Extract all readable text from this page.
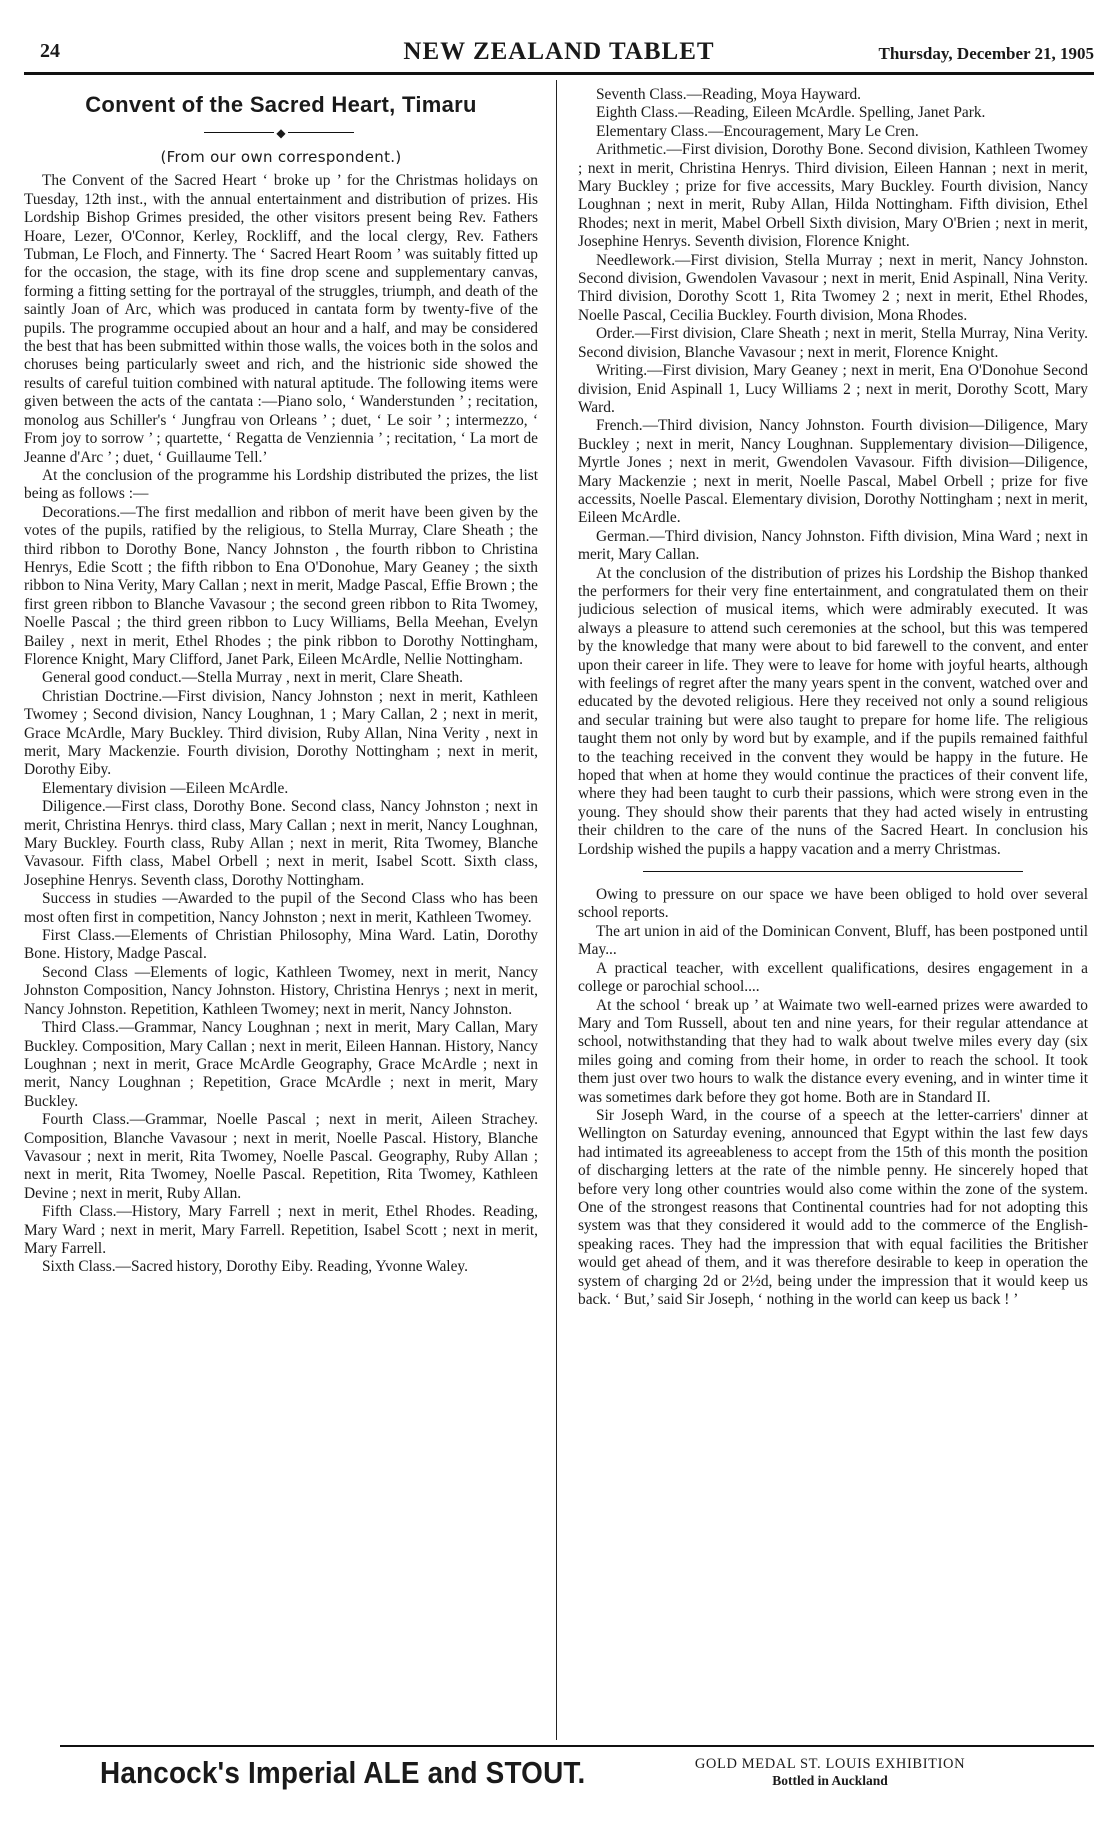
24	NEW ZEALAND TABLET	Thursday, December 21, 1905
Convent of the Sacred Heart, Timaru
◆
(From our own correspondent.)

The Convent of the Sacred Heart ‘ broke up ’ for the Christmas holidays on Tuesday, 12th inst., with the annual entertainment and distribution of prizes. His Lordship Bishop Grimes presided, the other visitors present being Rev. Fathers Hoare, Lezer, O'Connor, Kerley, Rockliff, and the local clergy, Rev. Fathers Tubman, Le Floch, and Finnerty. The ‘ Sacred Heart Room ’ was suitably fitted up for the occasion, the stage, with its fine drop scene and supplementary canvas, forming a fitting setting for the portrayal of the struggles, triumph, and death of the saintly Joan of Arc, which was produced in cantata form by twenty-five of the pupils. The programme occupied about an hour and a half, and may be considered the best that has been submitted within those walls, the voices both in the solos and choruses being particularly sweet and rich, and the histrionic side showed the results of careful tuition combined with natural aptitude. The following items were given between the acts of the cantata :—Piano solo, ‘ Wanderstunden ’ ; recitation, monolog aus Schiller's ‘ Jungfrau von Orleans ’ ; duet, ‘ Le soir ’ ; intermezzo, ‘ From joy to sorrow ’ ; quartette, ‘ Regatta de Venziennia ’ ; recitation, ‘ La mort de Jeanne d'Arc ’ ; duet, ‘ Guillaume Tell.’

At the conclusion of the programme his Lordship distributed the prizes, the list being as follows :—

Decorations.—The first medallion and ribbon of merit have been given by the votes of the pupils, ratified by the religious, to Stella Murray, Clare Sheath ; the third ribbon to Dorothy Bone, Nancy Johnston , the fourth ribbon to Christina Henrys, Edie Scott ; the fifth ribbon to Ena O'Donohue, Mary Geaney ; the sixth ribbon to Nina Verity, Mary Callan ; next in merit, Madge Pascal, Effie Brown ; the first green ribbon to Blanche Vavasour ; the second green ribbon to Rita Twomey, Noelle Pascal ; the third green ribbon to Lucy Williams, Bella Meehan, Evelyn Bailey , next in merit, Ethel Rhodes ; the pink ribbon to Dorothy Nottingham, Florence Knight, Mary Clifford, Janet Park, Eileen McArdle, Nellie Nottingham.

General good conduct.—Stella Murray , next in merit, Clare Sheath.

Christian Doctrine.—First division, Nancy Johnston ; next in merit, Kathleen Twomey ; Second division, Nancy Loughnan, 1 ; Mary Callan, 2 ; next in merit, Grace McArdle, Mary Buckley. Third division, Ruby Allan, Nina Verity , next in merit, Mary Mackenzie. Fourth division, Dorothy Nottingham ; next in merit, Dorothy Eiby.

Elementary division —Eileen McArdle.

Diligence.—First class, Dorothy Bone. Second class, Nancy Johnston ; next in merit, Christina Henrys. third class, Mary Callan ; next in merit, Nancy Loughnan, Mary Buckley. Fourth class, Ruby Allan ; next in merit, Rita Twomey, Blanche Vavasour. Fifth class, Mabel Orbell ; next in merit, Isabel Scott. Sixth class, Josephine Henrys. Seventh class, Dorothy Nottingham.

Success in studies —Awarded to the pupil of the Second Class who has been most often first in competition, Nancy Johnston ; next in merit, Kathleen Twomey.

First Class.—Elements of Christian Philosophy, Mina Ward. Latin, Dorothy Bone. History, Madge Pascal.

Second Class —Elements of logic, Kathleen Twomey, next in merit, Nancy Johnston Composition, Nancy Johnston. History, Christina Henrys ; next in merit, Nancy Johnston. Repetition, Kathleen Twomey; next in merit, Nancy Johnston.

Third Class.—Grammar, Nancy Loughnan ; next in merit, Mary Callan, Mary Buckley. Composition, Mary Callan ; next in merit, Eileen Hannan. History, Nancy Loughnan ; next in merit, Grace McArdle Geography, Grace McArdle ; next in merit, Nancy Loughnan ; Repetition, Grace McArdle ; next in merit, Mary Buckley.

Fourth Class.—Grammar, Noelle Pascal ; next in merit, Aileen Strachey. Composition, Blanche Vavasour ; next in merit, Noelle Pascal. History, Blanche Vavasour ; next in merit, Rita Twomey, Noelle Pascal. Geography, Ruby Allan ; next in merit, Rita Twomey, Noelle Pascal. Repetition, Rita Twomey, Kathleen Devine ; next in merit, Ruby Allan.

Fifth Class.—History, Mary Farrell ; next in merit, Ethel Rhodes. Reading, Mary Ward ; next in merit, Mary Farrell. Repetition, Isabel Scott ; next in merit, Mary Farrell.

Sixth Class.—Sacred history, Dorothy Eiby. Reading, Yvonne Waley.

Seventh Class.—Reading, Moya Hayward.

Eighth Class.—Reading, Eileen McArdle. Spelling, Janet Park.

Elementary Class.—Encouragement, Mary Le Cren.

Arithmetic.—First division, Dorothy Bone. Second division, Kathleen Twomey ; next in merit, Christina Henrys. Third division, Eileen Hannan ; next in merit, Mary Buckley ; prize for five accessits, Mary Buckley. Fourth division, Nancy Loughnan ; next in merit, Ruby Allan, Hilda Nottingham. Fifth division, Ethel Rhodes; next in merit, Mabel Orbell Sixth division, Mary O'Brien ; next in merit, Josephine Henrys. Seventh division, Florence Knight.

Needlework.—First division, Stella Murray ; next in merit, Nancy Johnston. Second division, Gwendolen Vavasour ; next in merit, Enid Aspinall, Nina Verity. Third division, Dorothy Scott 1, Rita Twomey 2 ; next in merit, Ethel Rhodes, Noelle Pascal, Cecilia Buckley. Fourth division, Mona Rhodes.

Order.—First division, Clare Sheath ; next in merit, Stella Murray, Nina Verity. Second division, Blanche Vavasour ; next in merit, Florence Knight.

Writing.—First division, Mary Geaney ; next in merit, Ena O'Donohue Second division, Enid Aspinall 1, Lucy Williams 2 ; next in merit, Dorothy Scott, Mary Ward.

French.—Third division, Nancy Johnston. Fourth division—Diligence, Mary Buckley ; next in merit, Nancy Loughnan. Supplementary division—Diligence, Myrtle Jones ; next in merit, Gwendolen Vavasour. Fifth division—Diligence, Mary Mackenzie ; next in merit, Noelle Pascal, Mabel Orbell ; prize for five accessits, Noelle Pascal. Elementary division, Dorothy Nottingham ; next in merit, Eileen McArdle.

German.—Third division, Nancy Johnston. Fifth division, Mina Ward ; next in merit, Mary Callan.

At the conclusion of the distribution of prizes his Lordship the Bishop thanked the performers for their very fine entertainment, and congratulated them on their judicious selection of musical items, which were admirably executed. It was always a pleasure to attend such ceremonies at the school, but this was tempered by the knowledge that many were about to bid farewell to the convent, and enter upon their career in life. They were to leave for home with joyful hearts, although with feelings of regret after the many years spent in the convent, watched over and educated by the devoted religious. Here they received not only a sound religious and secular training but were also taught to prepare for home life. The religious taught them not only by word but by example, and if the pupils remained faithful to the teaching received in the convent they would be happy in the future. He hoped that when at home they would continue the practices of their convent life, where they had been taught to curb their passions, which were strong even in the young. They should show their parents that they had acted wisely in entrusting their children to the care of the nuns of the Sacred Heart. In conclusion his Lordship wished the pupils a happy vacation and a merry Christmas.

Owing to pressure on our space we have been obliged to hold over several school reports.

The art union in aid of the Dominican Convent, Bluff, has been postponed until May...

A practical teacher, with excellent qualifications, desires engagement in a college or parochial school....

At the school ‘ break up ’ at Waimate two well-earned prizes were awarded to Mary and Tom Russell, about ten and nine years, for their regular attendance at school, notwithstanding that they had to walk about twelve miles every day (six miles going and coming from their home, in order to reach the school. It took them just over two hours to walk the distance every evening, and in winter time it was sometimes dark before they got home. Both are in Standard II.

Sir Joseph Ward, in the course of a speech at the letter-carriers' dinner at Wellington on Saturday evening, announced that Egypt within the last few days had intimated its agreeableness to accept from the 15th of this month the position of discharging letters at the rate of the nimble penny. He sincerely hoped that before very long other countries would also come within the zone of the system. One of the strongest reasons that Continental countries had for not adopting this system was that they considered it would add to the commerce of the English-speaking races. They had the impression that with equal facilities the Britisher would get ahead of them, and it was therefore desirable to keep in operation the system of charging 2d or 2½d, being under the impression that it would keep us back. ‘ But,’ said Sir Joseph, ‘ nothing in the world can keep us back ! ’

Hancock's Imperial ALE and STOUT.	GOLD MEDAL ST. LOUIS EXHIBITION
Bottled in Auckland
